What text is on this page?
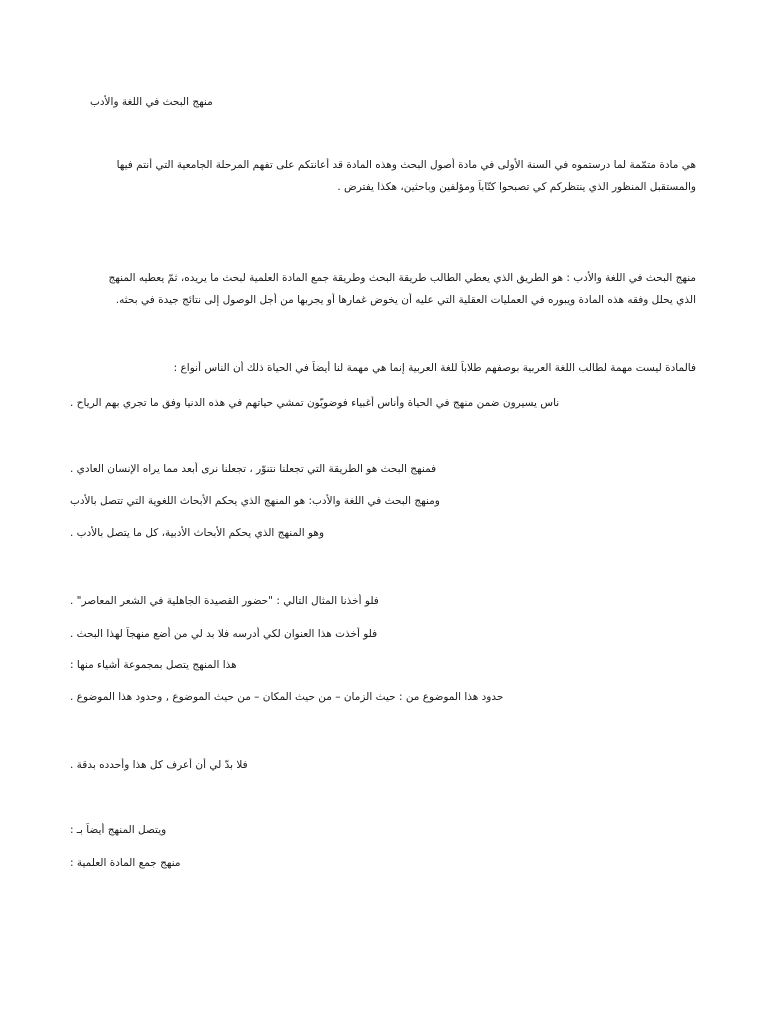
منهج البحث في اللغة والأدب
هي مادة متمّمة لما درستموه في السنة الأولى في مادة أصول البحث وهذه المادة قد أعانتكم على تفهم المرحلة الجامعية التي أنتم فيها
والمستقبل المنظور الذي ينتظركم كي تصبحوا كتّاباً ومؤلفين وباحثين، هكذا يفترض .
منهج البحث في اللغة والأدب : هو الطريق الذي يعطي الطالب طريقة البحث وطريقة جمع المادة العلمية لبحث ما يريده، ثمّ يعطيه المنهج
الذي يحلل وفقه هذه المادة ويبوره في العمليات العقلية التي عليه أن يخوض غمارها أو يجربها من أجل الوصول إلى نتائج جيدة في بحثه.
فالمادة ليست مهمة لطالب اللغة العربية بوصفهم طلاباً للغة العربية إنما هي مهمة لنا أيضاً في الحياة ذلك أن الناس أنواع :
ناس يسيرون ضمن منهج في الحياة وأناس أغبياء فوضويّون تمشي حياتهم في هذه الدنيا وفق ما تجري بهم الرياح .
فمنهج البحث هو الطريقة التي تجعلنا نتنوّر ، تجعلنا نرى أبعد مما يراه الإنسان العادي .
ومنهج البحث في اللغة والأدب: هو المنهج الذي يحكم الأبحاث اللغوية التي تتصل بالأدب
وهو المنهج الذي يحكم الأبحاث الأدبية، كل ما يتصل بالأدب .
فلو أخذنا المثال التالي : "حضور القصيدة الجاهلية في الشعر المعاصر" .
فلو أخذت هذا العنوان لكي أدرسه فلا بد لي من أضع منهجاً لهذا البحث .
هذا المنهج يتصل بمجموعة أشياء منها :
حدود هذا الموضوع من : حيث الزمان – من حيث المكان – من حيث الموضوع , وحدود هذا الموضوع .
فلا بدّ لي أن أعرف كل هذا وأحدده بدقة .
ويتصل المنهج أيضاً بـ :
منهج جمع المادة العلمية :
